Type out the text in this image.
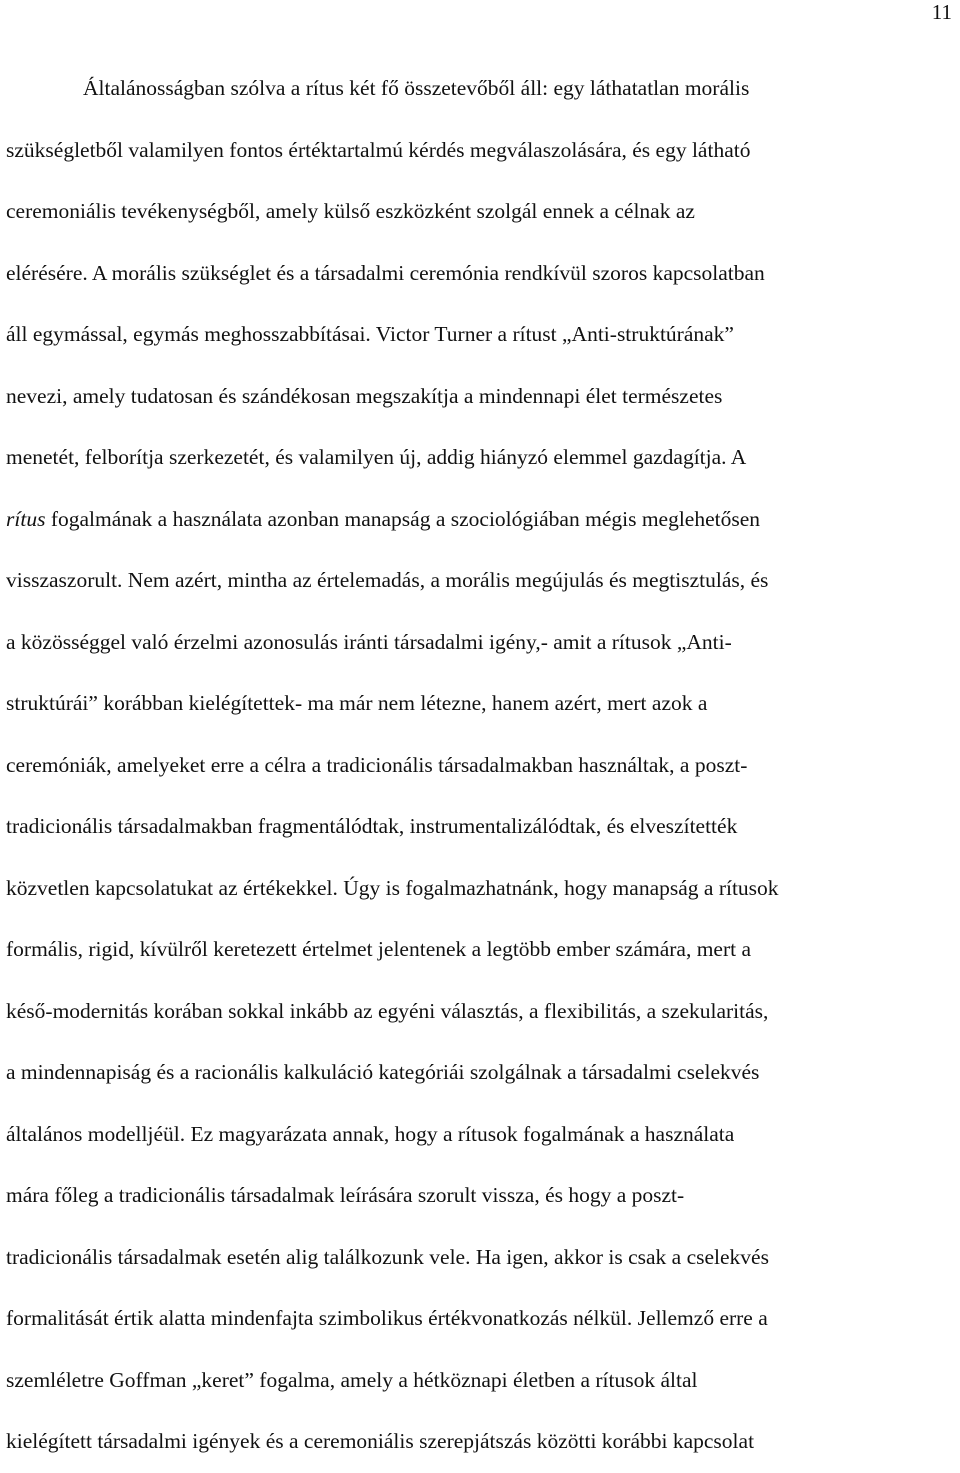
11
Általánosságban szólva a rítus két fő összetevőből áll: egy láthatatlan morális
szükségletből valamilyen fontos értéktartalmú kérdés megválaszolására, és egy látható
ceremoniális tevékenységből, amely külső eszközként szolgál ennek a célnak az
elérésére. A morális szükséglet és a társadalmi ceremónia rendkívül szoros kapcsolatban
áll egymással, egymás meghosszabbításai. Victor Turner a rítust „Anti-struktúrának”
nevezi, amely tudatosan és szándékosan megszakítja a mindennapi élet természetes
menetét, felborítja szerkezetét, és valamilyen új, addig hiányzó elemmel gazdagítja. A
rítus fogalmának a használata azonban manapság a szociológiában mégis meglehetősen
visszaszorult. Nem azért, mintha az értelemadás, a morális megújulás és megtisztulás, és
a közösséggel való érzelmi azonosulás iránti társadalmi igény,- amit a rítusok „Anti-
struktúrái” korábban kielégítettek- ma már nem létezne, hanem azért, mert azok a
ceremóniák, amelyeket erre a célra a tradicionális társadalmakban használtak, a poszt-
tradicionális társadalmakban fragmentálódtak, instrumentalizálódtak, és elveszítették
közvetlen kapcsolatukat az értékekkel. Úgy is fogalmazhatnánk, hogy manapság a rítusok
formális, rigid, kívülről keretezett értelmet jelentenek a legtöbb ember számára, mert a
késő-modernitás korában sokkal inkább az egyéni választás, a flexibilitás, a szekularitás,
a mindennapiság és a racionális kalkuláció kategóriái szolgálnak a társadalmi cselekvés
általános modelljéül. Ez magyarázata annak, hogy a rítusok fogalmának a használata
mára főleg a tradicionális társadalmak leírására szorult vissza, és hogy a poszt-
tradicionális társadalmak esetén alig találkozunk vele. Ha igen, akkor is csak a cselekvés
formalitását értik alatta mindenfajta szimbolikus értékvonatkozás nélkül. Jellemző erre a
szemléletre Goffman „keret” fogalma, amely a hétköznapi életben a rítusok által
kielégített társadalmi igények és a ceremoniális szerepjátszás közötti korábbi kapcsolat
